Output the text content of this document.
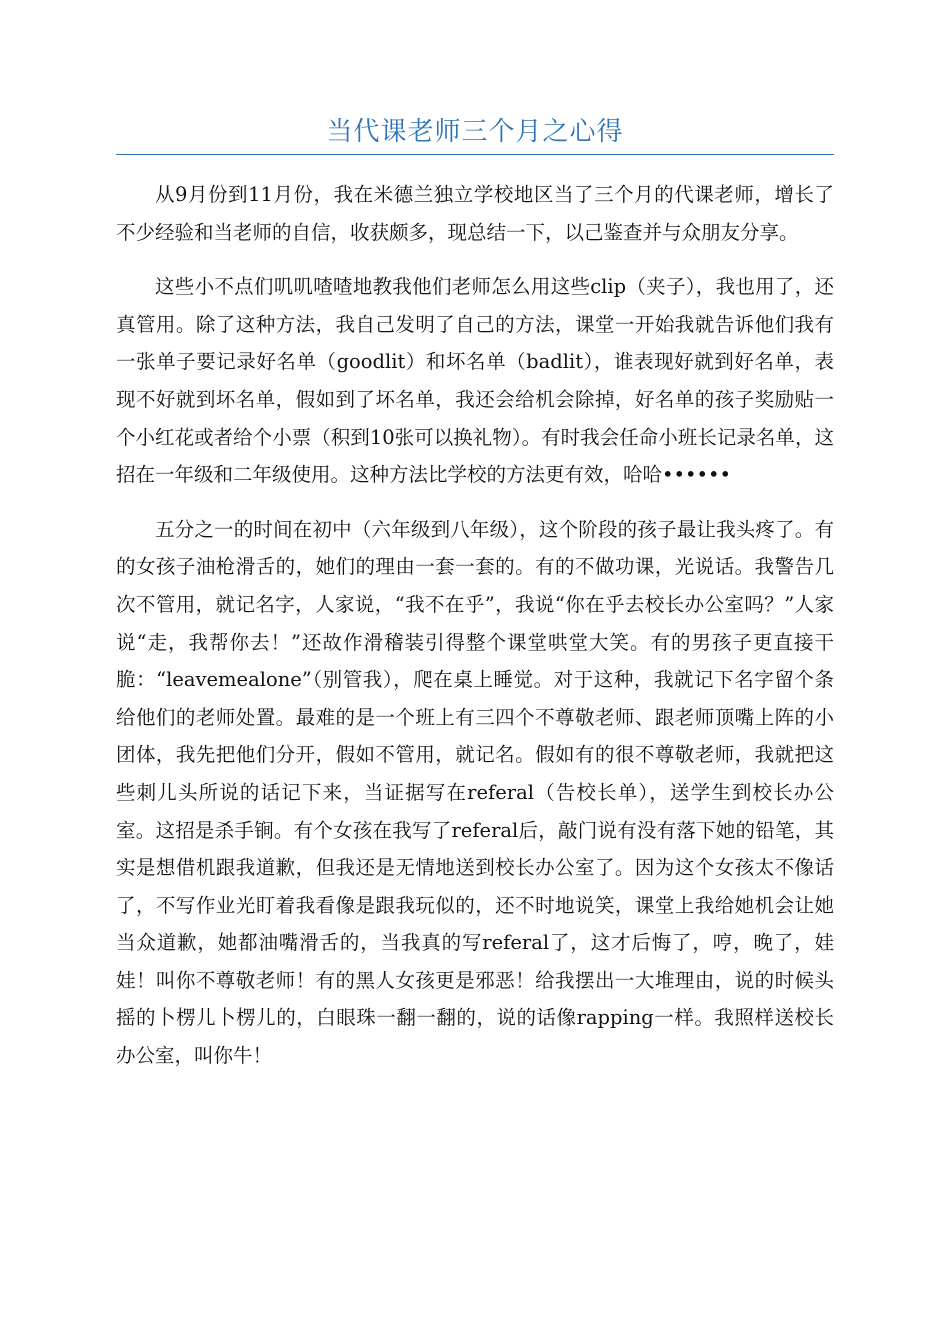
当代课老师三个月之心得

从9月份到11月份，我在米德兰独立学校地区当了三个月的代课老师，增长了不少经验和当老师的自信，收获颇多，现总结一下，以己鉴查并与众朋友分享。

这些小不点们叽叽喳喳地教我他们老师怎么用这些clip（夹子），我也用了，还真管用。除了这种方法，我自己发明了自己的方法，课堂一开始我就告诉他们我有一张单子要记录好名单（goodlit）和坏名单（badlit），谁表现好就到好名单，表现不好就到坏名单，假如到了坏名单，我还会给机会除掉，好名单的孩子奖励贴一个小红花或者给个小票（积到10张可以换礼物）。有时我会任命小班长记录名单，这招在一年级和二年级使用。这种方法比学校的方法更有效，哈哈••••••

五分之一的时间在初中（六年级到八年级），这个阶段的孩子最让我头疼了。有的女孩子油枪滑舌的，她们的理由一套一套的。有的不做功课，光说话。我警告几次不管用，就记名字，人家说，“我不在乎”，我说“你在乎去校长办公室吗？”人家说“走，我帮你去！”还故作滑稽装引得整个课堂哄堂大笑。有的男孩子更直接干脆：“leavemealone”（别管我），爬在桌上睡觉。对于这种，我就记下名字留个条给他们的老师处置。最难的是一个班上有三四个不尊敬老师、跟老师顶嘴上阵的小团体，我先把他们分开，假如不管用，就记名。假如有的很不尊敬老师，我就把这些刺儿头所说的话记下来，当证据写在referal（告校长单），送学生到校长办公室。这招是杀手锏。有个女孩在我写了referal后，敲门说有没有落下她的铅笔，其实是想借机跟我道歉，但我还是无情地送到校长办公室了。因为这个女孩太不像话了，不写作业光盯着我看像是跟我玩似的，还不时地说笑，课堂上我给她机会让她当众道歉，她都油嘴滑舌的，当我真的写referal了，这才后悔了，哼，晚了，娃娃！叫你不尊敬老师！有的黑人女孩更是邪恶！给我摆出一大堆理由，说的时候头摇的卜楞儿卜楞儿的，白眼珠一翻一翻的，说的话像rapping一样。我照样送校长办公室，叫你牛！
